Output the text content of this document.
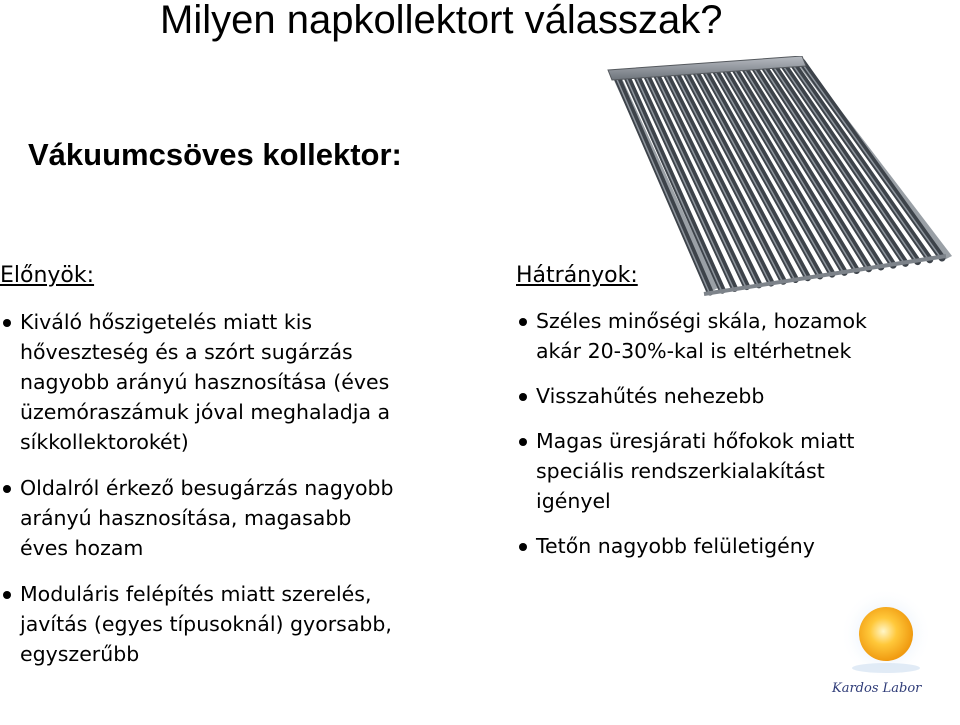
Milyen napkollektort válasszak?
Vákuumcsöves kollektor:
Előnyök:
Kiváló hőszigetelés miatt kis
hőveszteség és a szórt sugárzás
nagyobb arányú hasznosítása (éves
üzemóraszámuk jóval meghaladja a
síkkollektorokét)
Oldalról érkező besugárzás nagyobb
arányú hasznosítása, magasabb
éves hozam
Moduláris felépítés miatt szerelés,
javítás (egyes típusoknál) gyorsabb,
egyszerűbb
Hátrányok:
Széles minőségi skála, hozamok
akár 20-30%-kal is eltérhetnek
Visszahűtés nehezebb
Magas üresjárati hőfokok miatt
speciális rendszerkialakítást
igényel
Tetőn nagyobb felületigény
Kardos Labor
